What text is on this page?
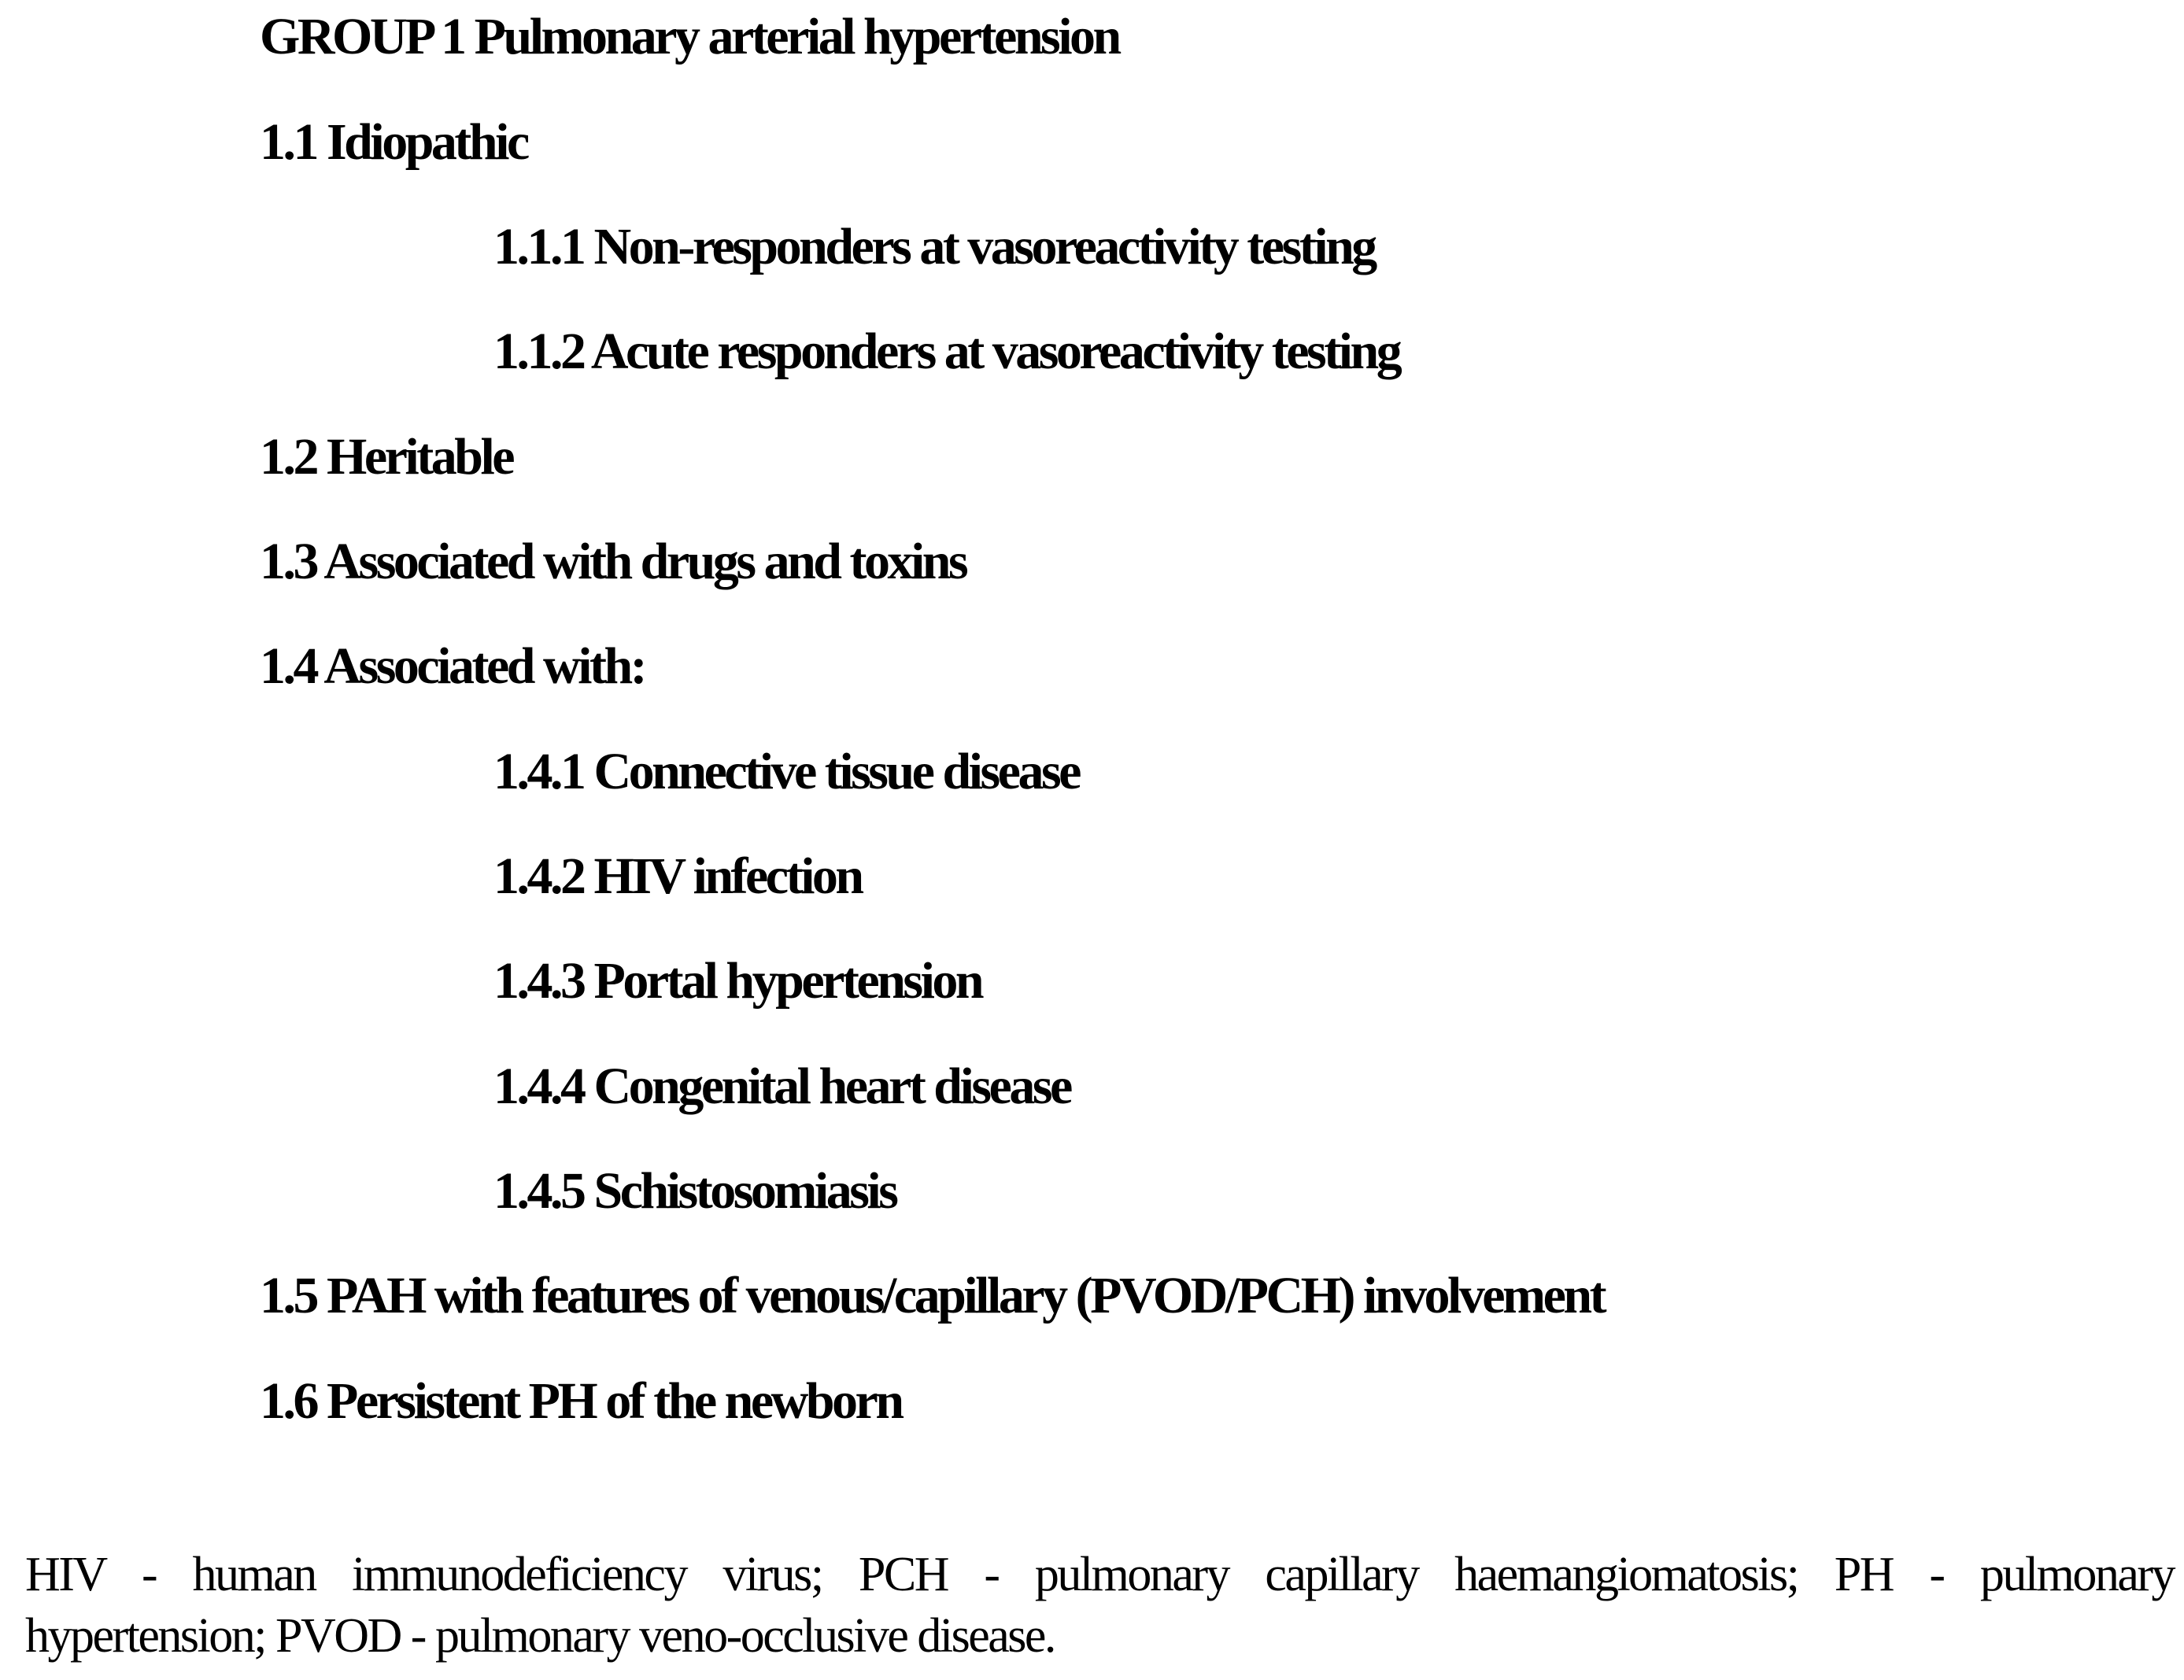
GROUP 1 Pulmonary arterial hypertension
1.1 Idiopathic
1.1.1 Non-responders at vasoreactivity testing
1.1.2 Acute responders at vasoreactivity testing
1.2 Heritable
1.3 Associated with drugs and toxins
1.4 Associated with:
1.4.1 Connective tissue disease
1.4.2 HIV infection
1.4.3 Portal hypertension
1.4.4 Congenital heart disease
1.4.5 Schistosomiasis
1.5 PAH with features of venous/capillary (PVOD/PCH) involvement
1.6 Persistent PH of the newborn
HIV - human immunodeficiency virus; PCH - pulmonary capillary haemangiomatosis; PH - pulmonary
hypertension; PVOD - pulmonary veno-occlusive disease.
